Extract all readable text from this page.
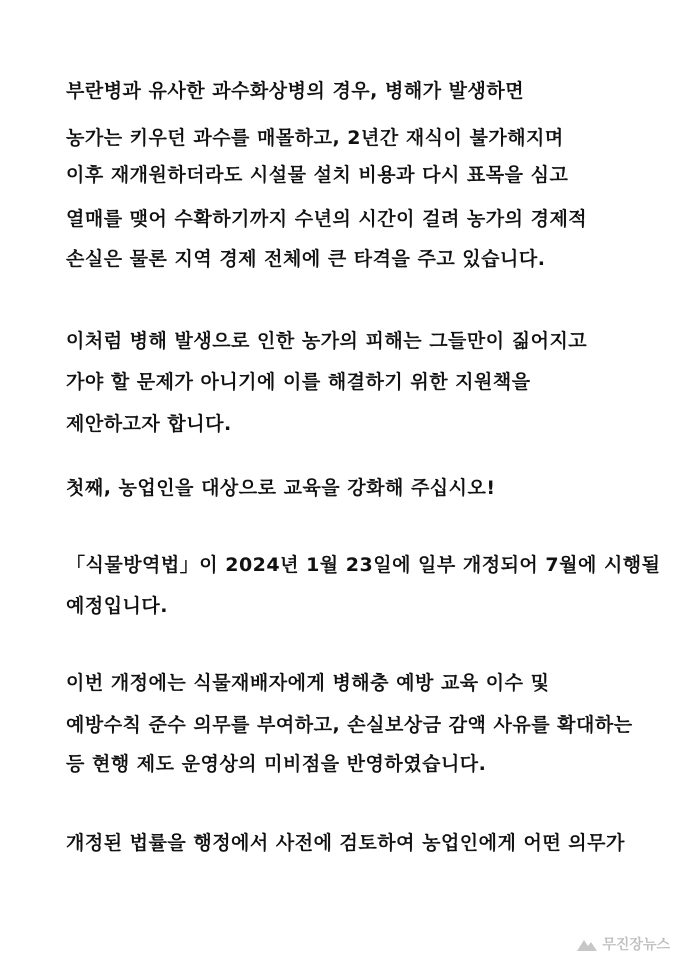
부란병과 유사한 과수화상병의 경우, 병해가 발생하면
농가는 키우던 과수를 매몰하고, 2년간 재식이 불가해지며
이후 재개원하더라도 시설물 설치 비용과 다시 표목을 심고
열매를 맺어 수확하기까지 수년의 시간이 걸려 농가의 경제적
손실은 물론 지역 경제 전체에 큰 타격을 주고 있습니다.
이처럼 병해 발생으로 인한 농가의 피해는 그들만이 짊어지고
가야 할 문제가 아니기에 이를 해결하기 위한 지원책을
제안하고자 합니다.
첫째, 농업인을 대상으로 교육을 강화해 주십시오!
「식물방역법」이 2024년 1월 23일에 일부 개정되어 7월에 시행될
예정입니다.
이번 개정에는 식물재배자에게 병해충 예방 교육 이수 및
예방수칙 준수 의무를 부여하고, 손실보상금 감액 사유를 확대하는
등 현행 제도 운영상의 미비점을 반영하였습니다.
개정된 법률을 행정에서 사전에 검토하여 농업인에게 어떤 의무가
무진장뉴스
